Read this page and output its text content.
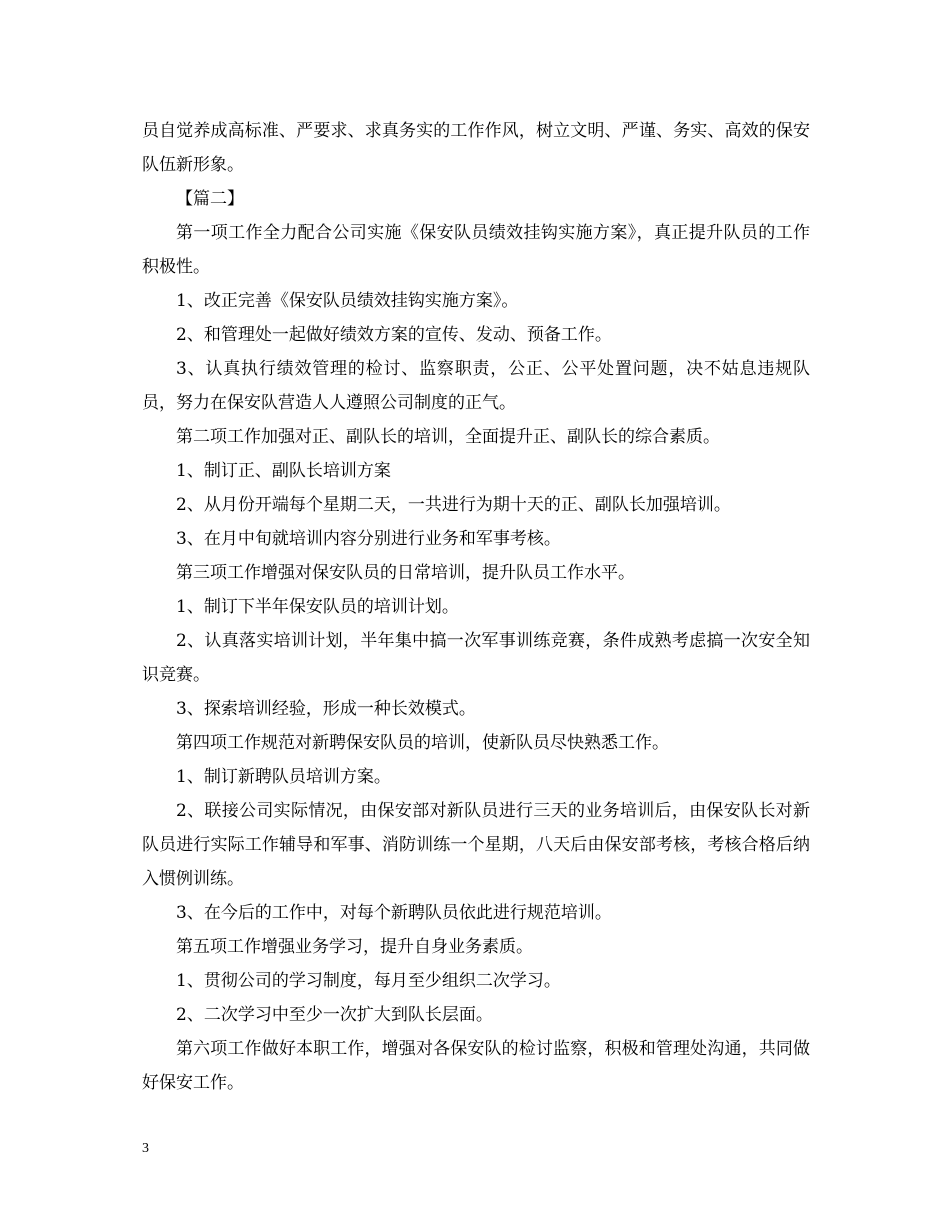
员自觉养成高标准、严要求、求真务实的工作作风，树立文明、严谨、务实、高效的保安队伍新形象。

【篇二】

第一项工作全力配合公司实施《保安队员绩效挂钩实施方案》，真正提升队员的工作积极性。

1、改正完善《保安队员绩效挂钩实施方案》。

2、和管理处一起做好绩效方案的宣传、发动、预备工作。

3、认真执行绩效管理的检讨、监察职责，公正、公平处置问题，决不姑息违规队员，努力在保安队营造人人遵照公司制度的正气。

第二项工作加强对正、副队长的培训，全面提升正、副队长的综合素质。

1、制订正、副队长培训方案

2、从月份开端每个星期二天，一共进行为期十天的正、副队长加强培训。

3、在月中旬就培训内容分别进行业务和军事考核。

第三项工作增强对保安队员的日常培训，提升队员工作水平。

1、制订下半年保安队员的培训计划。

2、认真落实培训计划，半年集中搞一次军事训练竞赛，条件成熟考虑搞一次安全知识竞赛。

3、探索培训经验，形成一种长效模式。

第四项工作规范对新聘保安队员的培训，使新队员尽快熟悉工作。

1、制订新聘队员培训方案。

2、联接公司实际情况，由保安部对新队员进行三天的业务培训后，由保安队长对新队员进行实际工作辅导和军事、消防训练一个星期，八天后由保安部考核，考核合格后纳入惯例训练。

3、在今后的工作中，对每个新聘队员依此进行规范培训。

第五项工作增强业务学习，提升自身业务素质。

1、贯彻公司的学习制度，每月至少组织二次学习。

2、二次学习中至少一次扩大到队长层面。

第六项工作做好本职工作，增强对各保安队的检讨监察，积极和管理处沟通，共同做好保安工作。

3
